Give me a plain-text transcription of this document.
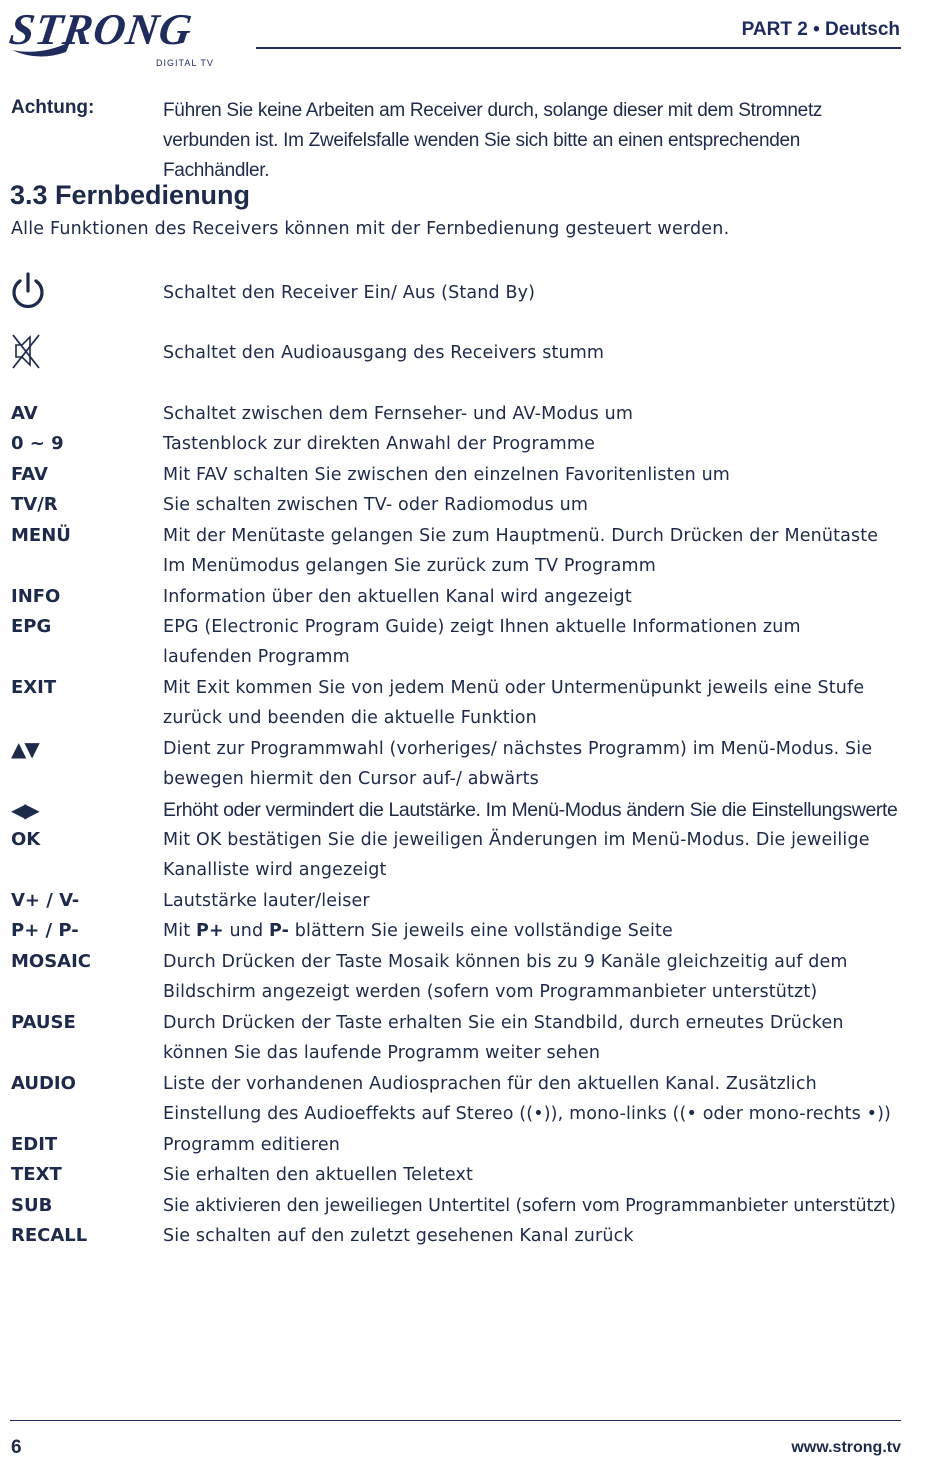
STRONG
DIGITAL TV
PART 2 • Deutsch
Achtung:	Führen Sie keine Arbeiten am Receiver durch, solange dieser mit dem Stromnetz verbunden ist. Im Zweifelsfalle wenden Sie sich bitte an einen entsprechenden Fachhändler.
3.3 Fernbedienung
Alle Funktionen des Receivers können mit der Fernbedienung gesteuert werden.
Schaltet den Receiver Ein/ Aus (Stand By)
Schaltet den Audioausgang des Receivers stumm
AV	Schaltet zwischen dem Fernseher- und AV-Modus um
0 ~ 9	Tastenblock zur direkten Anwahl der Programme
FAV	Mit FAV schalten Sie zwischen den einzelnen Favoritenlisten um
TV/R	Sie schalten zwischen TV- oder Radiomodus um
MENÜ	Mit der Menütaste gelangen Sie zum Hauptmenü. Durch Drücken der Menütaste Im Menümodus gelangen Sie zurück zum TV Programm
INFO	Information über den aktuellen Kanal wird angezeigt
EPG	EPG (Electronic Program Guide) zeigt Ihnen aktuelle Informationen zum laufenden Programm
EXIT	Mit Exit kommen Sie von jedem Menü oder Untermenüpunkt jeweils eine Stufe zurück und beenden die aktuelle Funktion
▲▼	Dient zur Programmwahl (vorheriges/ nächstes Programm) im Menü-Modus. Sie bewegen hiermit den Cursor auf-/ abwärts
◀▶	Erhöht oder vermindert die Lautstärke. Im Menü-Modus ändern Sie die Einstellungswerte
OK	Mit OK bestätigen Sie die jeweiligen Änderungen im Menü-Modus. Die jeweilige Kanalliste wird angezeigt
V+ / V-	Lautstärke lauter/leiser
P+ / P-	Mit P+ und P- blättern Sie jeweils eine vollständige Seite
MOSAIC	Durch Drücken der Taste Mosaik können bis zu 9 Kanäle gleichzeitig auf dem Bildschirm angezeigt werden (sofern vom Programmanbieter unterstützt)
PAUSE	Durch Drücken der Taste erhalten Sie ein Standbild, durch erneutes Drücken können Sie das laufende Programm weiter sehen
AUDIO	Liste der vorhandenen Audiosprachen für den aktuellen Kanal. Zusätzlich Einstellung des Audioeffekts auf Stereo ((•)), mono-links ((• oder mono-rechts •))
EDIT	Programm editieren
TEXT	Sie erhalten den aktuellen Teletext
SUB	Sie aktivieren den jeweiliegen Untertitel (sofern vom Programmanbieter unterstützt)
RECALL	Sie schalten auf den zuletzt gesehenen Kanal zurück
6	www.strong.tv
